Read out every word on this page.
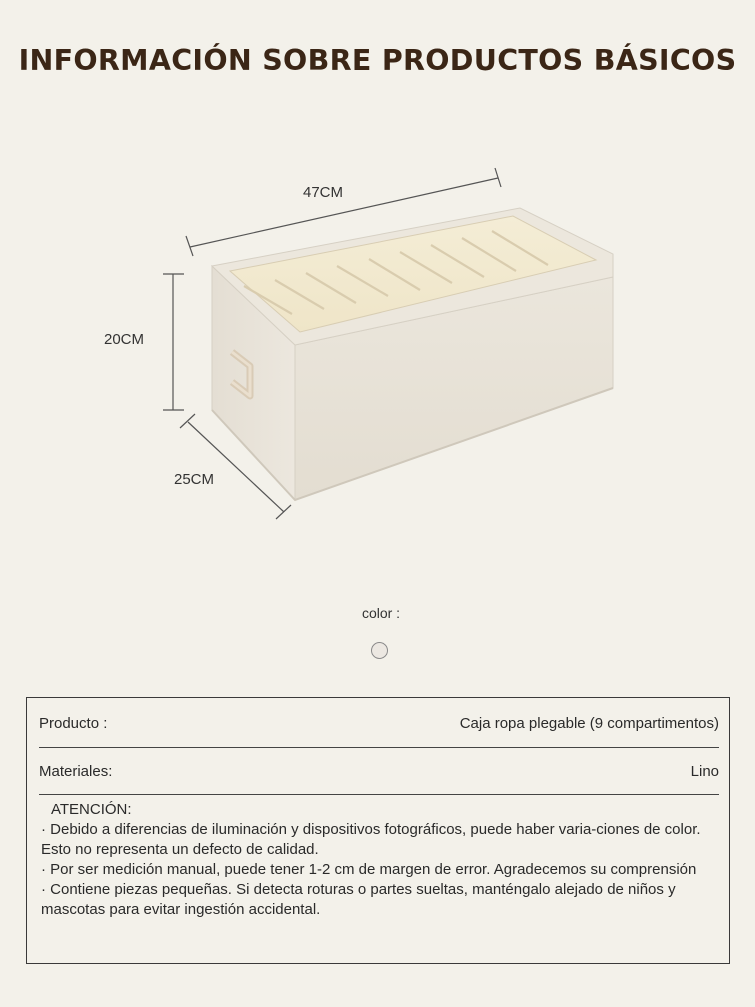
INFORMACIÓN SOBRE PRODUCTOS BÁSICOS
47CM
20CM
25CM
color :
Producto :	Caja ropa plegable (9 compartimentos)
Materiales:	Lino

ATENCIÓN:

· Debido a diferencias de iluminación y dispositivos fotográficos, puede haber varia-ciones de color. Esto no representa un defecto de calidad.

· Por ser medición manual, puede tener 1-2 cm de margen de error. Agradecemos su comprensión

· Contiene piezas pequeñas. Si detecta roturas o partes sueltas, manténgalo alejado de niños y mascotas para evitar ingestión accidental.
